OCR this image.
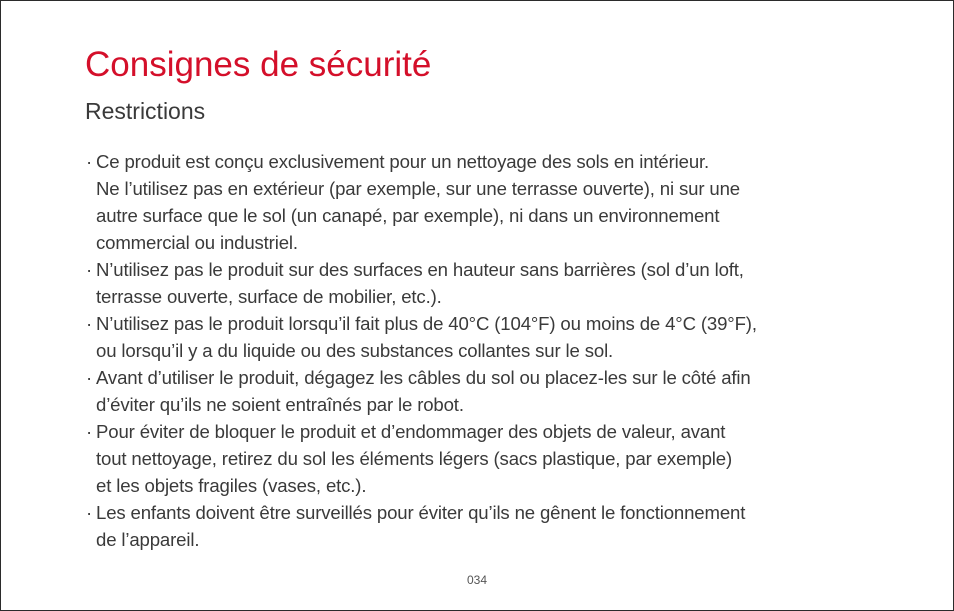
Consignes de sécurité
Restrictions
· Ce produit est conçu exclusivement pour un nettoyage des sols en intérieur.
Ne l’utilisez pas en extérieur (par exemple, sur une terrasse ouverte), ni sur une
autre surface que le sol (un canapé, par exemple), ni dans un environnement
commercial ou industriel.
· N’utilisez pas le produit sur des surfaces en hauteur sans barrières (sol d’un loft,
terrasse ouverte, surface de mobilier, etc.).
· N’utilisez pas le produit lorsqu’il fait plus de 40°C (104°F) ou moins de 4°C (39°F),
ou lorsqu’il y a du liquide ou des substances collantes sur le sol.
· Avant d’utiliser le produit, dégagez les câbles du sol ou placez-les sur le côté afin
d’éviter qu’ils ne soient entraînés par le robot.
· Pour éviter de bloquer le produit et d’endommager des objets de valeur, avant
tout nettoyage, retirez du sol les éléments légers (sacs plastique, par exemple)
et les objets fragiles (vases, etc.).
· Les enfants doivent être surveillés pour éviter qu’ils ne gênent le fonctionnement
de l’appareil.
034
